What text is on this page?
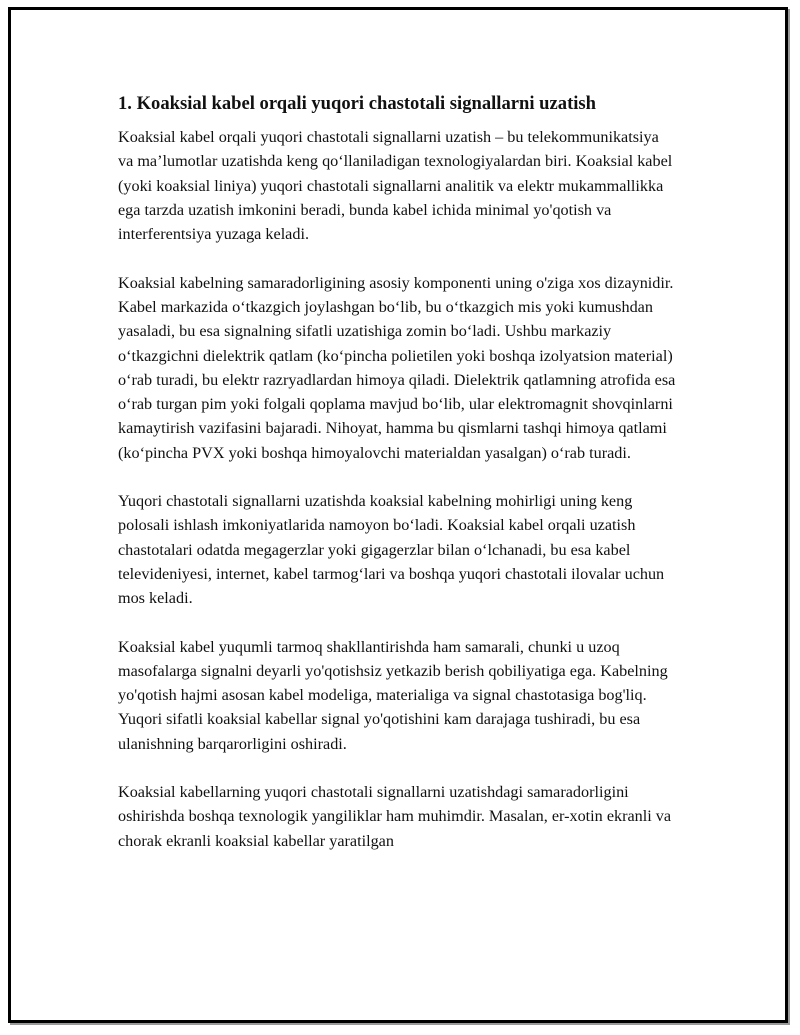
1. Koaksial kabel orqali yuqori chastotali signallarni uzatish

Koaksial kabel orqali yuqori chastotali signallarni uzatish – bu telekommunikatsiya va ma’lumotlar uzatishda keng qo‘llaniladigan texnologiyalardan biri. Koaksial kabel (yoki koaksial liniya) yuqori chastotali signallarni analitik va elektr mukammallikka ega tarzda uzatish imkonini beradi, bunda kabel ichida minimal yo'qotish va interferentsiya yuzaga keladi.

Koaksial kabelning samaradorligining asosiy komponenti uning o'ziga xos dizaynidir. Kabel markazida o‘tkazgich joylashgan bo‘lib, bu o‘tkazgich mis yoki kumushdan yasaladi, bu esa signalning sifatli uzatishiga zomin bo‘ladi. Ushbu markaziy o‘tkazgichni dielektrik qatlam (ko‘pincha polietilen yoki boshqa izolyatsion material) o‘rab turadi, bu elektr razryadlardan himoya qiladi. Dielektrik qatlamning atrofida esa o‘rab turgan pim yoki folgali qoplama mavjud bo‘lib, ular elektromagnit shovqinlarni kamaytirish vazifasini bajaradi. Nihoyat, hamma bu qismlarni tashqi himoya qatlami (ko‘pincha PVX yoki boshqa himoyalovchi materialdan yasalgan) o‘rab turadi.

Yuqori chastotali signallarni uzatishda koaksial kabelning mohirligi uning keng polosali ishlash imkoniyatlarida namoyon bo‘ladi. Koaksial kabel orqali uzatish chastotalari odatda megagerzlar yoki gigagerzlar bilan o‘lchanadi, bu esa kabel televideniyesi, internet, kabel tarmog‘lari va boshqa yuqori chastotali ilovalar uchun mos keladi.

Koaksial kabel yuqumli tarmoq shakllantirishda ham samarali, chunki u uzoq masofalarga signalni deyarli yo'qotishsiz yetkazib berish qobiliyatiga ega. Kabelning yo'qotish hajmi asosan kabel modeliga, materialiga va signal chastotasiga bog'liq. Yuqori sifatli koaksial kabellar signal yo'qotishini kam darajaga tushiradi, bu esa ulanishning barqarorligini oshiradi.

Koaksial kabellarning yuqori chastotali signallarni uzatishdagi samaradorligini oshirishda boshqa texnologik yangiliklar ham muhimdir. Masalan, er-xotin ekranli va chorak ekranli koaksial kabellar yaratilgan
